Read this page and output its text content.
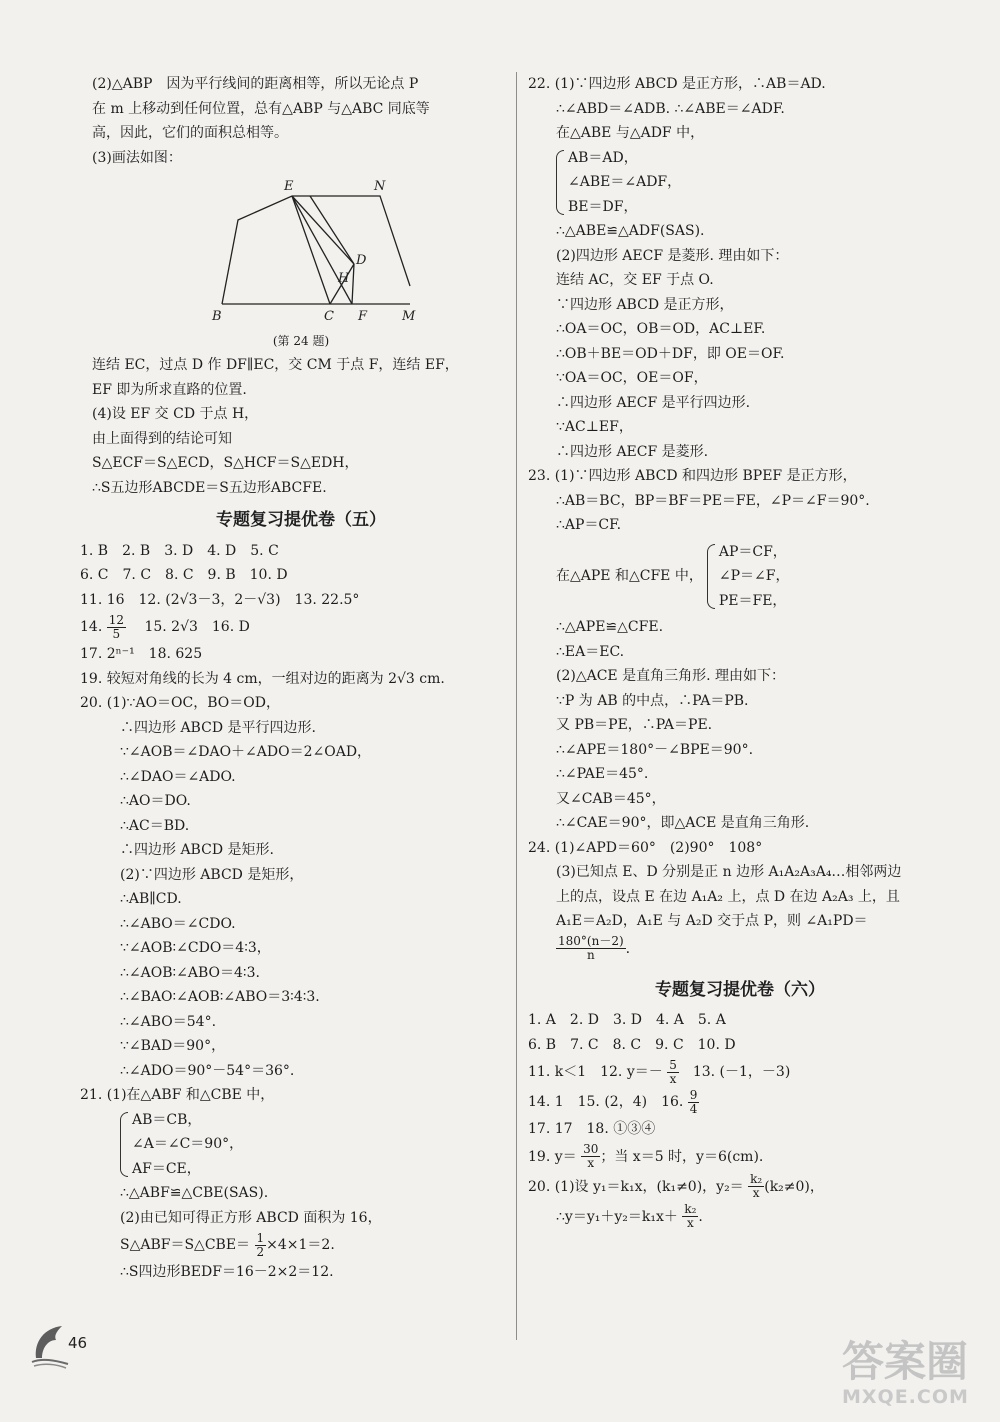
(2)△ABP　因为平行线间的距离相等，所以无论点 P
在 m 上移动到任何位置，总有△ABP 与△ABC 同底等
高，因此，它们的面积总相等。
(3)画法如图：
E	N
D
H
B	C F	M
(第 24 题)
连结 EC，过点 D 作 DF∥EC，交 CM 于点 F，连结 EF，
EF 即为所求直路的位置.
(4)设 EF 交 CD 于点 H，
由上面得到的结论可知
S△ECF＝S△ECD，S△HCF＝S△EDH，
∴S五边形ABCDE＝S五边形ABCFE.
专题复习提优卷（五）
1. B　2. B　3. D　4. D　5. C
6. C　7. C　8. C　9. B　10. D
11. 16　12. (2√3－3，2－√3)　13. 22.5°
14. $\frac{12}{5}$
　 15. 2√3　16. D
17. 2ⁿ⁻¹　18. 625
19. 较短对角线的长为 4 cm，一组对边的距离为 2√3 cm.
20. (1)∵AO＝OC，BO＝OD，
∴四边形 ABCD 是平行四边形.
∵∠AOB＝∠DAO＋∠ADO＝2∠OAD，
∴∠DAO＝∠ADO.
∴AO＝DO.
∴AC＝BD.
∴四边形 ABCD 是矩形.
(2)∵四边形 ABCD 是矩形，
∴AB∥CD.
∴∠ABO＝∠CDO.
∵∠AOB∶∠CDO＝4∶3，
∴∠AOB∶∠ABO＝4∶3.
∴∠BAO∶∠AOB∶∠ABO＝3∶4∶3.
∴∠ABO＝54°.
∵∠BAD＝90°，
∴∠ADO＝90°－54°＝36°.
21. (1)在△ABF 和△CBE 中，
AB＝CB，
∠A＝∠C＝90°，
AF＝CE，
∴△ABF≌△CBE(SAS).
(2)由已知可得正方形 ABCD 面积为 16，
S△ABF＝S△CBE＝ $\frac{1}{2} \times 4\times 1=2$.
∴S四边形BEDF＝16－2×2＝12.
22. (1)∵四边形 ABCD 是正方形，∴AB＝AD.
∴∠ABD＝∠ADB. ∴∠ABE＝∠ADF.
在△ABE 与△ADF 中，
AB＝AD，
∠ABE＝∠ADF，
BE＝DF，
∴△ABE≌△ADF(SAS).
(2)四边形 AECF 是菱形. 理由如下：
连结 AC，交 EF 于点 O.
∵四边形 ABCD 是正方形，
∴OA＝OC，OB＝OD，AC⊥EF.
∴OB＋BE＝OD＋DF，即 OE＝OF.
∵OA＝OC，OE＝OF，
∴四边形 AECF 是平行四边形.
∵AC⊥EF，
∴四边形 AECF 是菱形.
23. (1)∵四边形 ABCD 和四边形 BPEF 是正方形，
∴AB＝BC，BP＝BF＝PE＝FE，∠P＝∠F＝90°.
∴AP＝CF.
在△APE 和△CFE 中，
AP＝CF，
∠P＝∠F，
PE＝FE，
∴△APE≌△CFE.
∴EA＝EC.
(2)△ACE 是直角三角形. 理由如下：
∵P 为 AB 的中点，∴PA＝PB.
又 PB＝PE，∴PA＝PE.
∴∠APE＝180°－∠BPE＝90°.
∴∠PAE＝45°.
又∠CAB＝45°，
∴∠CAE＝90°，即△ACE 是直角三角形.
24. (1)∠APD＝60°　(2)90°　108°
(3)已知点 E、D 分别是正 n 边形 A₁A₂A₃A₄…相邻两边
上的点，设点 E 在边 A₁A₂ 上，点 D 在边 A₂A₃ 上，且
A₁E＝A₂D，A₁E 与 A₂D 交于点 P，则 ∠A₁PD＝
$\frac{180^\circ(n-2)}{n}$ .
专题复习提优卷（六）
1. A　2. D　3. D　4. A　5. A
6. B　7. C　8. C　9. C　10. D
11. k＜1　12. $y=- \frac{5}{x}$ 　13. (－1，－3)
14. 1　15. (2，4)　16. $\frac{9}{4}$
17. 17　18. ①③④
19. $y= \frac{30}{x}$ ；当 x＝5 时，y＝6(cm).
20. (1)设 y₁＝k₁x，(k₁≠0)，$y_2= \frac{\text{k₂}}{x} (k_2\ne 0)$，
∴y＝y₁＋y₂＝k₁x＋ $\frac{\text{k₂}}{x}$ .
46	答案圈
MXQE.COM
